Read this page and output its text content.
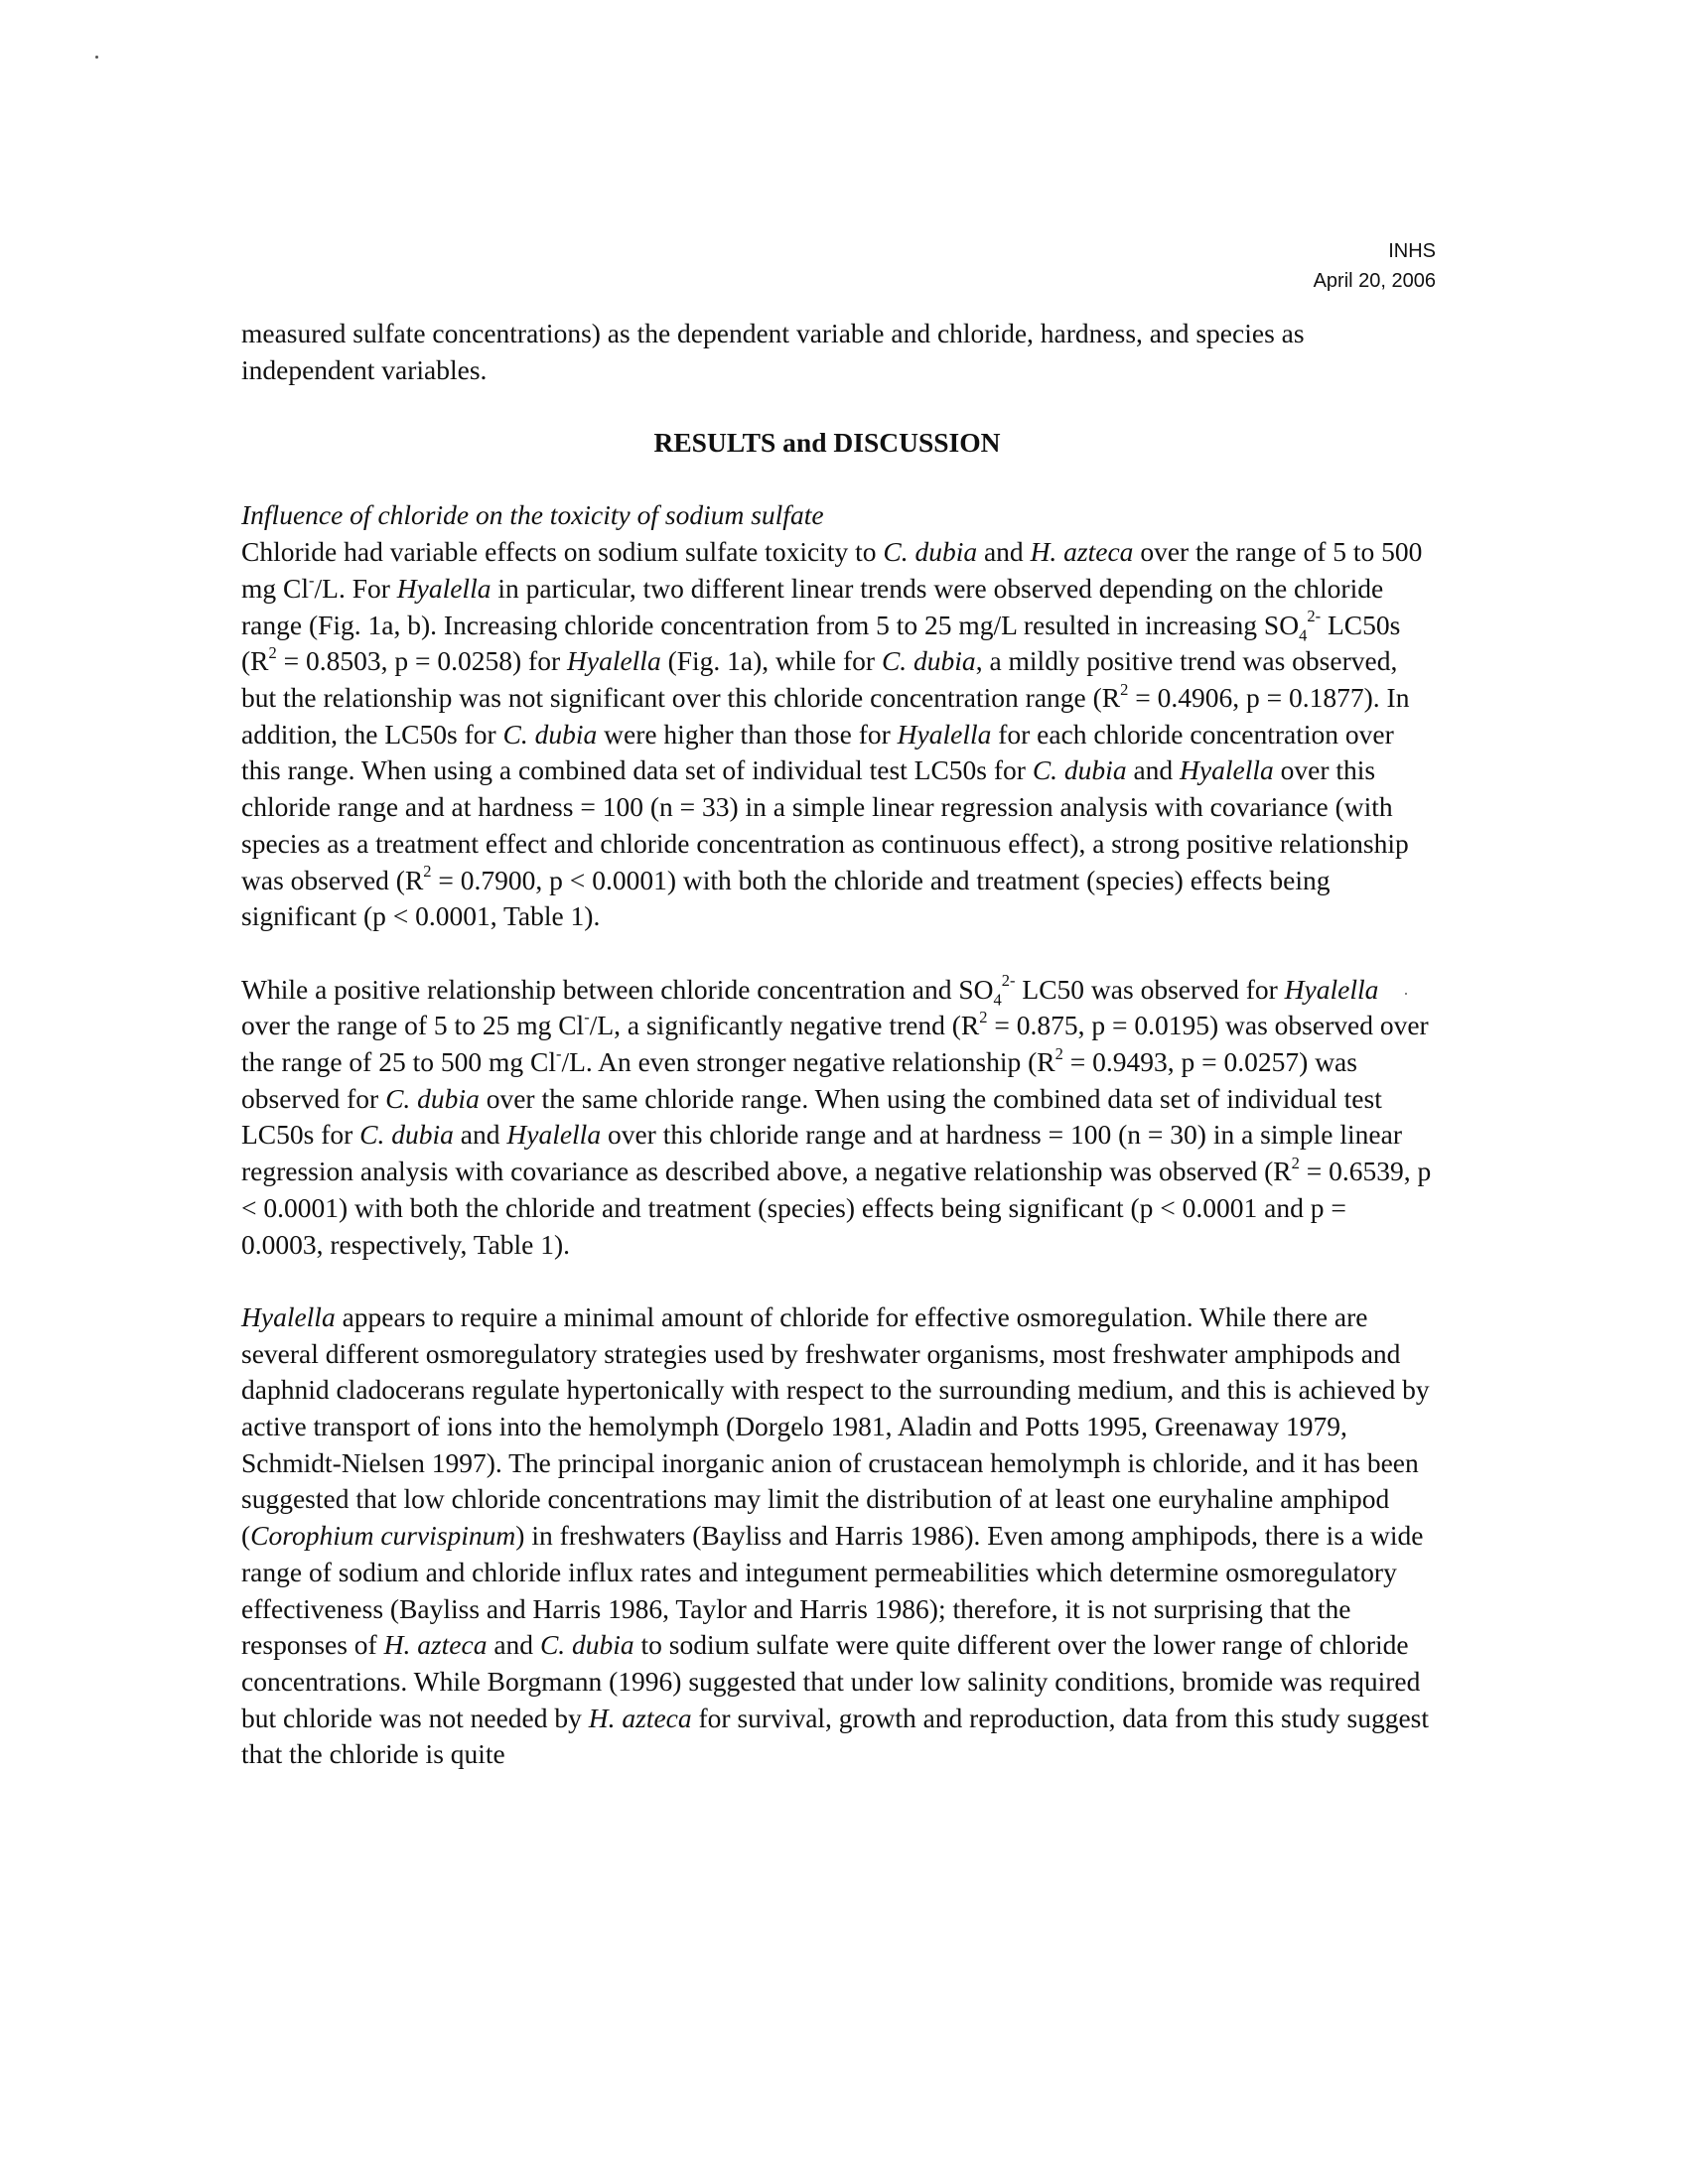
INHS
April 20, 2006

measured sulfate concentrations) as the dependent variable and chloride, hardness, and species as independent variables.

RESULTS and DISCUSSION

Influence of chloride on the toxicity of sodium sulfate

Chloride had variable effects on sodium sulfate toxicity to C. dubia and H. azteca over the range of 5 to 500 mg Cl-/L. For Hyalella in particular, two different linear trends were observed depending on the chloride range (Fig. 1a, b). Increasing chloride concentration from 5 to 25 mg/L resulted in increasing $SO_4^{2-}$ LC50s ($R^2 = 0.8503$, p = 0.0258) for Hyalella (Fig. 1a), while for C. dubia, a mildly positive trend was observed, but the relationship was not significant over this chloride concentration range ($R^2 = 0.4906$, p = 0.1877). In addition, the LC50s for C. dubia were higher than those for Hyalella for each chloride concentration over this range. When using a combined data set of individual test LC50s for C. dubia and Hyalella over this chloride range and at hardness = 100 (n = 33) in a simple linear regression analysis with covariance (with species as a treatment effect and chloride concentration as continuous effect), a strong positive relationship was observed ($R^2 = 0.7900$, p < 0.0001) with both the chloride and treatment (species) effects being significant (p < 0.0001, Table 1).

While a positive relationship between chloride concentration and $SO_4^{2-}$ LC50 was observed for Hyalella over the range of 5 to 25 mg Cl-/L, a significantly negative trend ($R^2 = 0.875$, p = 0.0195) was observed over the range of 25 to 500 mg Cl-/L. An even stronger negative relationship ($R^2 = 0.9493$, p = 0.0257) was observed for C. dubia over the same chloride range. When using the combined data set of individual test LC50s for C. dubia and Hyalella over this chloride range and at hardness = 100 (n = 30) in a simple linear regression analysis with covariance as described above, a negative relationship was observed ($R^2 = 0.6539$, p < 0.0001) with both the chloride and treatment (species) effects being significant (p < 0.0001 and p = 0.0003, respectively, Table 1).

Hyalella appears to require a minimal amount of chloride for effective osmoregulation. While there are several different osmoregulatory strategies used by freshwater organisms, most freshwater amphipods and daphnid cladocerans regulate hypertonically with respect to the surrounding medium, and this is achieved by active transport of ions into the hemolymph (Dorgelo 1981, Aladin and Potts 1995, Greenaway 1979, Schmidt-Nielsen 1997). The principal inorganic anion of crustacean hemolymph is chloride, and it has been suggested that low chloride concentrations may limit the distribution of at least one euryhaline amphipod (Corophium curvispinum) in freshwaters (Bayliss and Harris 1986). Even among amphipods, there is a wide range of sodium and chloride influx rates and integument permeabilities which determine osmoregulatory effectiveness (Bayliss and Harris 1986, Taylor and Harris 1986); therefore, it is not surprising that the responses of H. azteca and C. dubia to sodium sulfate were quite different over the lower range of chloride concentrations. While Borgmann (1996) suggested that under low salinity conditions, bromide was required but chloride was not needed by H. azteca for survival, growth and reproduction, data from this study suggest that the chloride is quite
